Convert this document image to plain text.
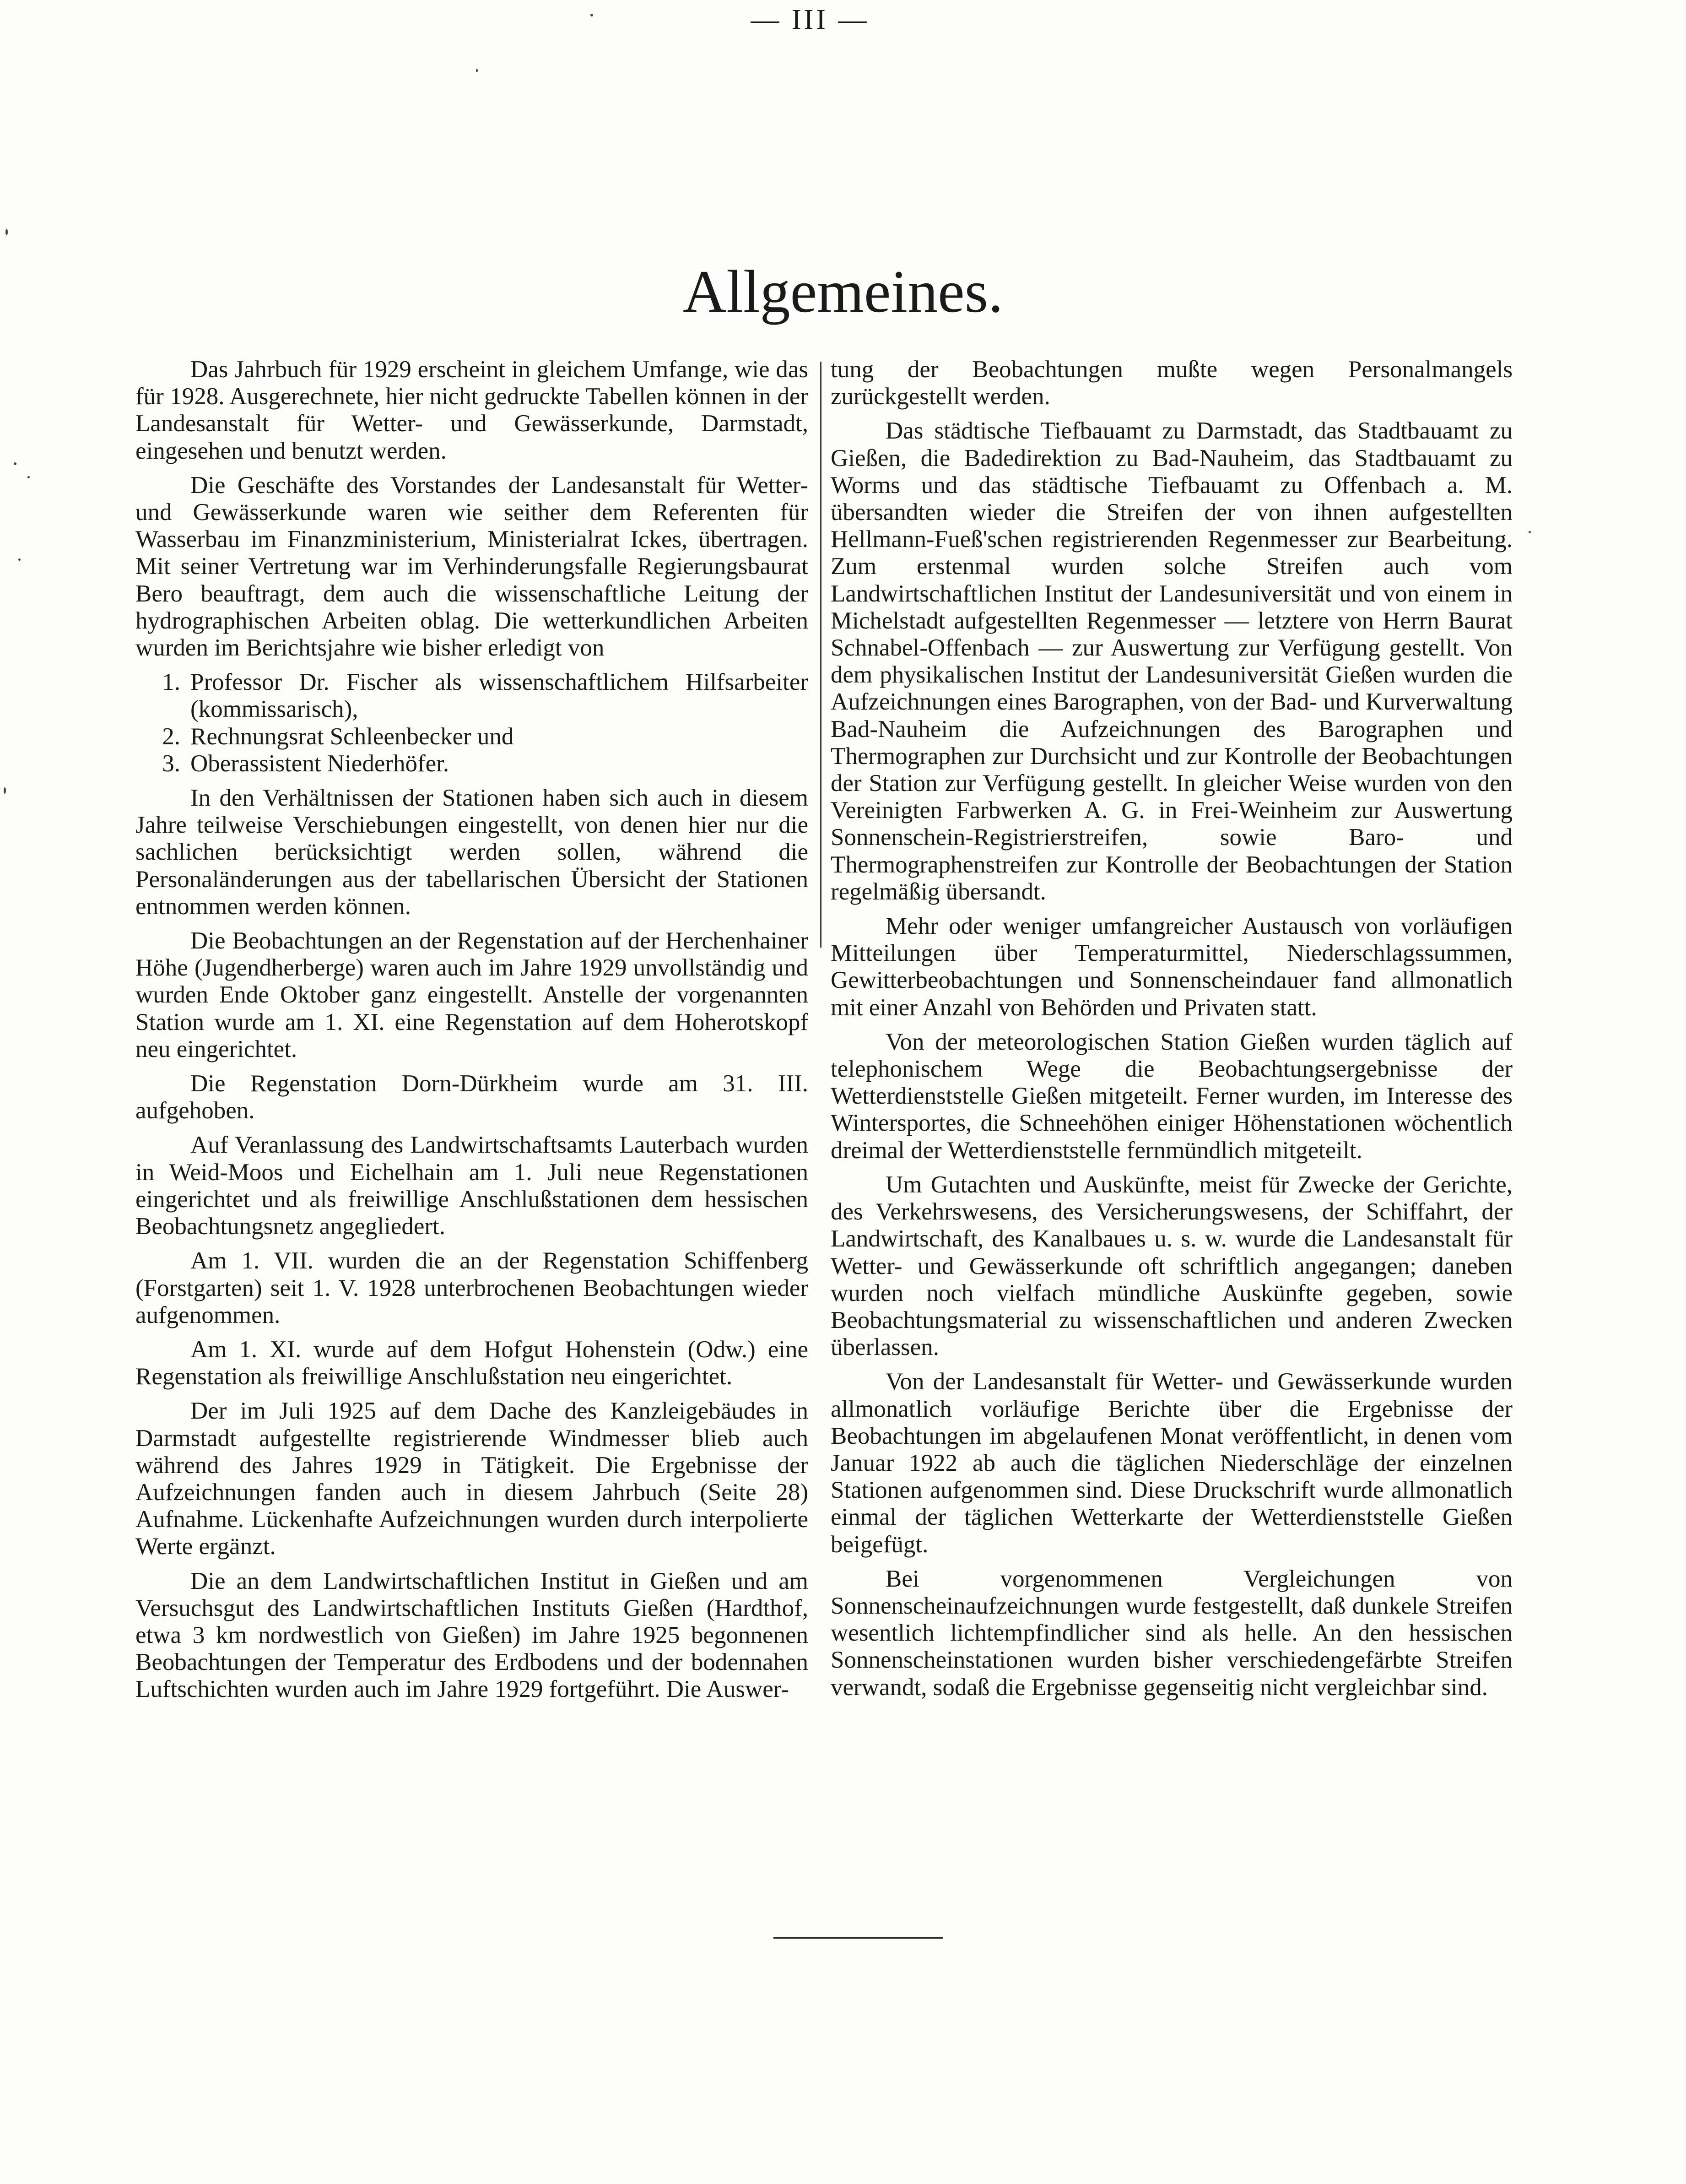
— III —
Allgemeines.

Das Jahrbuch für 1929 erscheint in gleichem Umfange, wie das für 1928. Ausgerechnete, hier nicht gedruckte Tabellen können in der Landesanstalt für Wetter- und Gewässerkunde, Darmstadt, eingesehen und benutzt werden.

Die Geschäfte des Vorstandes der Landesanstalt für Wetter- und Gewässerkunde waren wie seither dem Referenten für Wasserbau im Finanzministerium, Ministerialrat Ickes, übertragen. Mit seiner Vertretung war im Verhinderungsfalle Regierungsbaurat Bero beauftragt, dem auch die wissenschaftliche Leitung der hydrographischen Arbeiten oblag. Die wetterkundlichen Arbeiten wurden im Berichtsjahre wie bisher erledigt von

1. Professor Dr. Fischer als wissenschaftlichem Hilfsarbeiter (kommissarisch),
2. Rechnungsrat Schleenbecker und
3. Oberassistent Niederhöfer.

In den Verhältnissen der Stationen haben sich auch in diesem Jahre teilweise Verschiebungen eingestellt, von denen hier nur die sachlichen berücksichtigt werden sollen, während die Personaländerungen aus der tabellarischen Übersicht der Stationen entnommen werden können.

Die Beobachtungen an der Regenstation auf der Herchenhainer Höhe (Jugendherberge) waren auch im Jahre 1929 unvollständig und wurden Ende Oktober ganz eingestellt. Anstelle der vorgenannten Station wurde am 1. XI. eine Regenstation auf dem Hoherotskopf neu eingerichtet.

Die Regenstation Dorn-Dürkheim wurde am 31. III. aufgehoben.

Auf Veranlassung des Landwirtschaftsamts Lauterbach wurden in Weid-Moos und Eichelhain am 1. Juli neue Regenstationen eingerichtet und als freiwillige Anschlußstationen dem hessischen Beobachtungsnetz angegliedert.

Am 1. VII. wurden die an der Regenstation Schiffenberg (Forstgarten) seit 1. V. 1928 unterbrochenen Beobachtungen wieder aufgenommen.

Am 1. XI. wurde auf dem Hofgut Hohenstein (Odw.) eine Regenstation als freiwillige Anschlußstation neu eingerichtet.

Der im Juli 1925 auf dem Dache des Kanzleigebäudes in Darmstadt aufgestellte registrierende Windmesser blieb auch während des Jahres 1929 in Tätigkeit. Die Ergebnisse der Aufzeichnungen fanden auch in diesem Jahrbuch (Seite 28) Aufnahme. Lückenhafte Aufzeichnungen wurden durch interpolierte Werte ergänzt.

Die an dem Landwirtschaftlichen Institut in Gießen und am Versuchsgut des Landwirtschaftlichen Instituts Gießen (Hardthof, etwa 3 km nordwestlich von Gießen) im Jahre 1925 begonnenen Beobachtungen der Temperatur des Erdbodens und der bodennahen Luftschichten wurden auch im Jahre 1929 fortgeführt. Die Auswer-

tung der Beobachtungen mußte wegen Personalmangels zurückgestellt werden.

Das städtische Tiefbauamt zu Darmstadt, das Stadtbauamt zu Gießen, die Badedirektion zu Bad-Nauheim, das Stadtbauamt zu Worms und das städtische Tiefbauamt zu Offenbach a. M. übersandten wieder die Streifen der von ihnen aufgestellten Hellmann-Fueß'schen registrierenden Regenmesser zur Bearbeitung. Zum erstenmal wurden solche Streifen auch vom Landwirtschaftlichen Institut der Landesuniversität und von einem in Michelstadt aufgestellten Regenmesser — letztere von Herrn Baurat Schnabel-Offenbach — zur Auswertung zur Verfügung gestellt. Von dem physikalischen Institut der Landesuniversität Gießen wurden die Aufzeichnungen eines Barographen, von der Bad- und Kurverwaltung Bad-Nauheim die Aufzeichnungen des Barographen und Thermographen zur Durchsicht und zur Kontrolle der Beobachtungen der Station zur Verfügung gestellt. In gleicher Weise wurden von den Vereinigten Farbwerken A. G. in Frei-Weinheim zur Auswertung Sonnenschein-Registrierstreifen, sowie Baro- und Thermographenstreifen zur Kontrolle der Beobachtungen der Station regelmäßig übersandt.

Mehr oder weniger umfangreicher Austausch von vorläufigen Mitteilungen über Temperaturmittel, Niederschlagssummen, Gewitterbeobachtungen und Sonnenscheindauer fand allmonatlich mit einer Anzahl von Behörden und Privaten statt.

Von der meteorologischen Station Gießen wurden täglich auf telephonischem Wege die Beobachtungsergebnisse der Wetterdienststelle Gießen mitgeteilt. Ferner wurden, im Interesse des Wintersportes, die Schneehöhen einiger Höhenstationen wöchentlich dreimal der Wetterdienststelle fernmündlich mitgeteilt.

Um Gutachten und Auskünfte, meist für Zwecke der Gerichte, des Verkehrswesens, des Versicherungswesens, der Schiffahrt, der Landwirtschaft, des Kanalbaues u. s. w. wurde die Landesanstalt für Wetter- und Gewässerkunde oft schriftlich angegangen; daneben wurden noch vielfach mündliche Auskünfte gegeben, sowie Beobachtungsmaterial zu wissenschaftlichen und anderen Zwecken überlassen.

Von der Landesanstalt für Wetter- und Gewässerkunde wurden allmonatlich vorläufige Berichte über die Ergebnisse der Beobachtungen im abgelaufenen Monat veröffentlicht, in denen vom Januar 1922 ab auch die täglichen Niederschläge der einzelnen Stationen aufgenommen sind. Diese Druckschrift wurde allmonatlich einmal der täglichen Wetterkarte der Wetterdienststelle Gießen beigefügt.

Bei vorgenommenen Vergleichungen von Sonnenscheinaufzeichnungen wurde festgestellt, daß dunkele Streifen wesentlich lichtempfindlicher sind als helle. An den hessischen Sonnenscheinstationen wurden bisher verschiedengefärbte Streifen verwandt, sodaß die Ergebnisse gegenseitig nicht vergleichbar sind.
